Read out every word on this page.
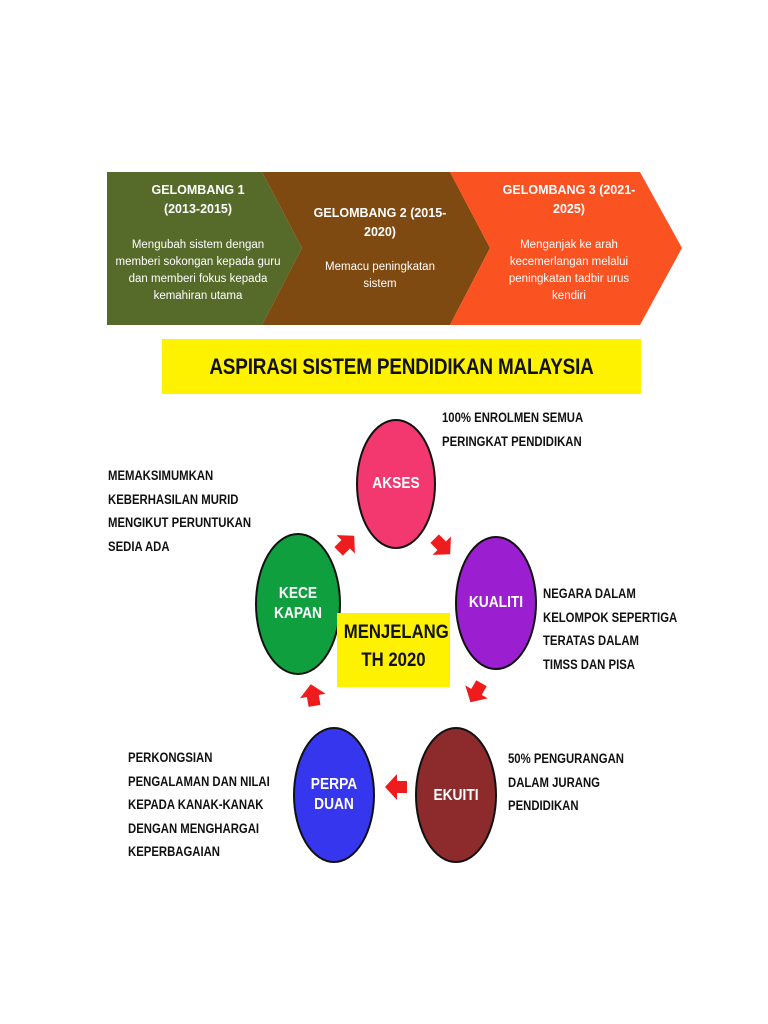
GELOMBANG 1
(2013-2015)
Mengubah sistem dengan
memberi sokongan kepada guru
dan memberi fokus kepada
kemahiran utama
GELOMBANG 2 (2015-
2020)
Memacu peningkatan
sistem
GELOMBANG 3 (2021-
2025)
Menganjak ke arah
kecemerlangan melalui
peningkatan tadbir urus
kendiri
ASPIRASI SISTEM PENDIDIKAN MALAYSIA
MENJELANG
TH 2020
AKSES
KUALITI
EKUITI
PERPA
DUAN
KECE
KAPAN
100% ENROLMEN SEMUA
PERINGKAT PENDIDIKAN
NEGARA DALAM
KELOMPOK SEPERTIGA
TERATAS DALAM
TIMSS DAN PISA
50% PENGURANGAN
DALAM JURANG
PENDIDIKAN
PERKONGSIAN
PENGALAMAN DAN NILAI
KEPADA KANAK-KANAK
DENGAN MENGHARGAI
KEPERBAGAIAN
MEMAKSIMUMKAN
KEBERHASILAN MURID
MENGIKUT PERUNTUKAN
SEDIA ADA
